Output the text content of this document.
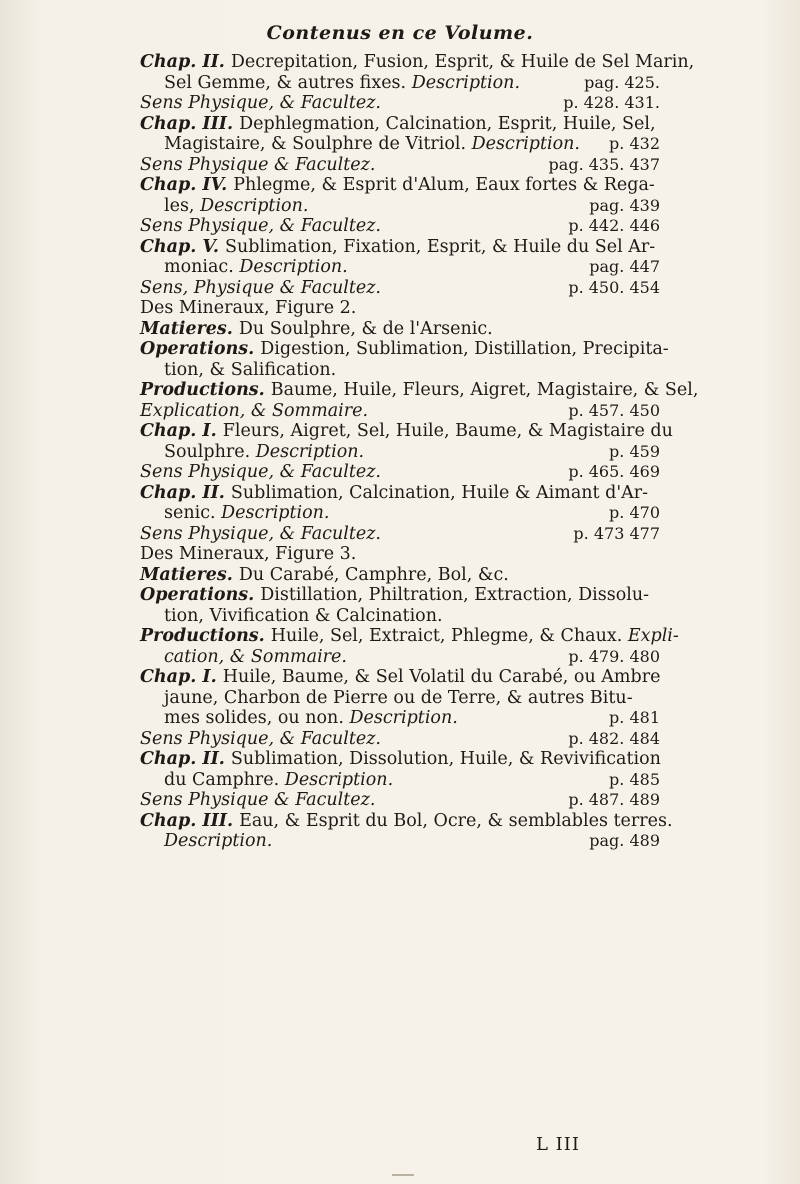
Contenus en ce Volume.
Chap. II. Decrepitation, Fusion, Esprit, & Huile de Sel Marin,
Sel Gemme, & autres fixes. Description.	pag. 425.
Sens Physique, & Facultez.	p. 428. 431.
Chap. III. Dephlegmation, Calcination, Esprit, Huile, Sel,
Magistaire, & Soulphre de Vitriol. Description. p. 432
Sens Physique & Facultez.	pag. 435. 437
Chap. IV. Phlegme, & Esprit d'Alum, Eaux fortes & Rega-
les, Description.	pag. 439
Sens Physique, & Facultez.	p. 442. 446
Chap. V. Sublimation, Fixation, Esprit, & Huile du Sel Ar-
moniac. Description.	pag. 447
Sens, Physique & Facultez.	p. 450. 454
Des Mineraux, Figure 2.
Matieres. Du Soulphre, & de l'Arsenic.
Operations. Digestion, Sublimation, Distillation, Precipita-
tion, & Salification.
Productions. Baume, Huile, Fleurs, Aigret, Magistaire, & Sel,
Explication, & Sommaire.	p. 457. 450
Chap. I. Fleurs, Aigret, Sel, Huile, Baume, & Magistaire du
Soulphre. Description.	p. 459
Sens Physique, & Facultez.	p. 465. 469
Chap. II. Sublimation, Calcination, Huile & Aimant d'Ar-
senic. Description.	p. 470
Sens Physique, & Facultez.	p. 473 477
Des Mineraux, Figure 3.
Matieres. Du Carabé, Camphre, Bol, &c.
Operations. Distillation, Philtration, Extraction, Dissolu-
tion, Vivification & Calcination.
Productions. Huile, Sel, Extraict, Phlegme, & Chaux. Expli-
cation, & Sommaire.	p. 479. 480
Chap. I. Huile, Baume, & Sel Volatil du Carabé, ou Ambre
jaune, Charbon de Pierre ou de Terre, & autres Bitu-
mes solides, ou non. Description.	p. 481
Sens Physique, & Facultez.	p. 482. 484
Chap. II. Sublimation, Dissolution, Huile, & Revivification
du Camphre. Description.	p. 485
Sens Physique & Facultez.	p. 487. 489
Chap. III. Eau, & Esprit du Bol, Ocre, & semblables terres.
Description.	pag. 489
L III
